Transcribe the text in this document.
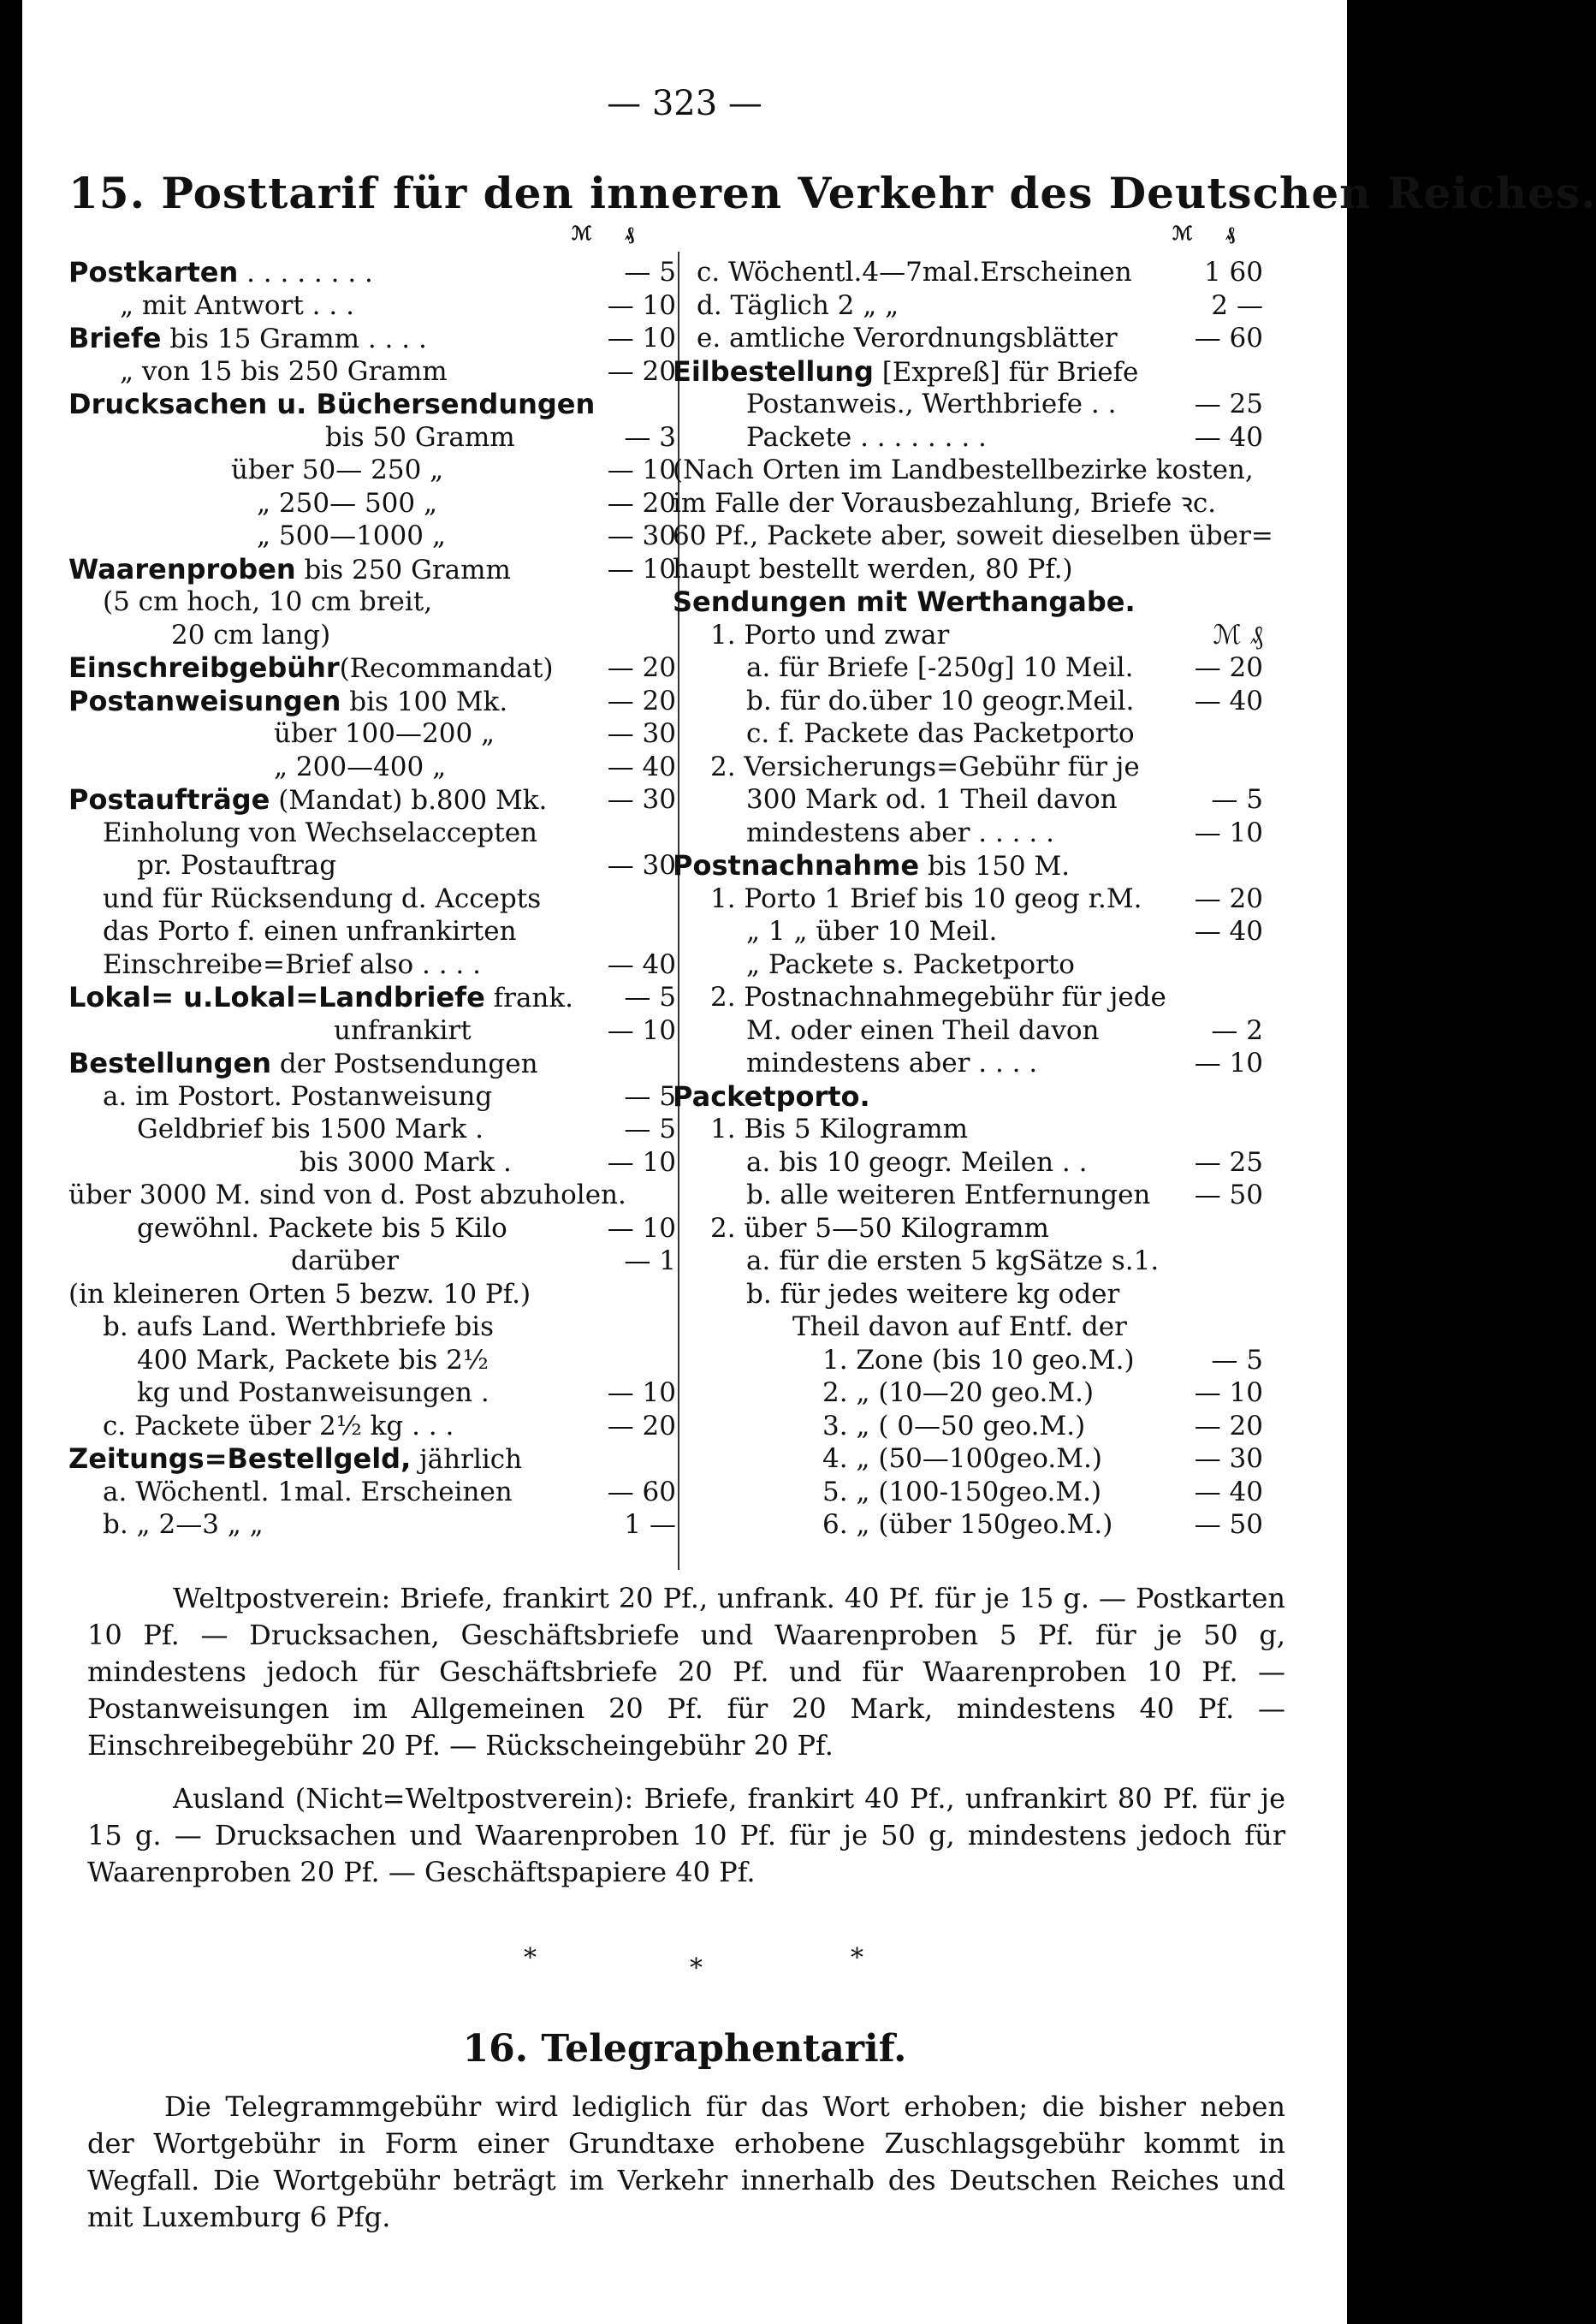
— 323 —
15. Posttarif für den inneren Verkehr des Deutschen Reiches.
ℳ ₰	ℳ ₰
Postkarten . . . . . . . .	— 5
„ mit Antwort . . .	— 10
Briefe bis 15 Gramm . . . .	— 10
„ von 15 bis 250 Gramm	— 20
Drucksachen u. Büchersendungen
bis 50 Gramm	— 3
über 50— 250 „	— 10
„ 250— 500 „	— 20
„ 500—1000 „	— 30
Waarenproben bis 250 Gramm	— 10
(5 cm hoch, 10 cm breit,
20 cm lang)
Einschreibgebühr(Recommandat) — 20
Postanweisungen bis 100 Mk.	— 20
über 100—200 „	— 30
„ 200—400 „	— 40
Postaufträge (Mandat) b.800 Mk. — 30
Einholung von Wechselaccepten
pr. Postauftrag	— 30
und für Rücksendung d. Accepts
das Porto f. einen unfrankirten
Einschreibe=Brief also . . . .	— 40
Lokal= u.Lokal=Landbriefe frank. — 5
unfrankirt	— 10
Bestellungen der Postsendungen
a. im Postort. Postanweisung	— 5
Geldbrief bis 1500 Mark .	— 5
bis 3000 Mark .	— 10
über 3000 M. sind von d. Post abzuholen.
gewöhnl. Packete bis 5 Kilo	— 10
darüber	— 1
(in kleineren Orten 5 bezw. 10 Pf.)
b. aufs Land. Werthbriefe bis
400 Mark, Packete bis 2½
kg und Postanweisungen .	— 10
c. Packete über 2½ kg . . .	— 20
Zeitungs=Bestellgeld, jährlich
a. Wöchentl. 1mal. Erscheinen	— 60
b. „ 2—3 „ „	1 —
c. Wöchentl.4—7mal.Erscheinen	1 60
d. Täglich 2 „ „	2 —
e. amtliche Verordnungsblätter	— 60
Eilbestellung [Expreß] für Briefe
Postanweis., Werthbriefe . .	— 25
Packete . . . . . . . .	— 40
(Nach Orten im Landbestellbezirke kosten,
im Falle der Vorausbezahlung, Briefe ꝛc.
60 Pf., Packete aber, soweit dieselben über=
haupt bestellt werden, 80 Pf.)
Sendungen mit Werthangabe.
1. Porto und zwar	ℳ ₰
a. für Briefe [-250g] 10 Meil. — 20
b. für do.über 10 geogr.Meil. — 40
c. f. Packete das Packetporto
2. Versicherungs=Gebühr für je
300 Mark od. 1 Theil davon	— 5
mindestens aber . . . . .	— 10
Postnachnahme bis 150 M.
1. Porto 1 Brief bis 10 geog r.M. — 20
„ 1 „ über 10 Meil.	— 40
„ Packete s. Packetporto
2. Postnachnahmegebühr für jede
M. oder einen Theil davon	— 2
mindestens aber . . . .	— 10
Packetporto.
1. Bis 5 Kilogramm
a. bis 10 geogr. Meilen . .	— 25
b. alle weiteren Entfernungen — 50
2. über 5—50 Kilogramm
a. für die ersten 5 kgSätze s.1.
b. für jedes weitere kg oder
Theil davon auf Entf. der
1. Zone (bis 10 geo.M.)	— 5
2. „ (10—20 geo.M.)	— 10
3. „ ( 0—50 geo.M.)	— 20
4. „ (50—100geo.M.)	— 30
5. „ (100-150geo.M.)	— 40
6. „ (über 150geo.M.)	— 50
Weltpostverein: Briefe, frankirt 20 Pf., unfrank. 40 Pf. für je 15 g. — Postkarten 10 Pf. — Drucksachen, Geschäftsbriefe und Waarenproben 5 Pf. für je 50 g, mindestens jedoch für Geschäftsbriefe 20 Pf. und für Waarenproben 10 Pf. — Postanweisungen im Allgemeinen 20 Pf. für 20 Mark, mindestens 40 Pf. — Einschreibegebühr 20 Pf. — Rückscheingebühr 20 Pf.
Ausland (Nicht=Weltpostverein): Briefe, frankirt 40 Pf., unfrankirt 80 Pf. für je 15 g. — Drucksachen und Waarenproben 10 Pf. für je 50 g, mindestens jedoch für Waarenproben 20 Pf. — Geschäftspapiere 40 Pf.
*	*	*
16. Telegraphentarif.
Die Telegrammgebühr wird lediglich für das Wort erhoben; die bisher neben der Wortgebühr in Form einer Grundtaxe erhobene Zuschlagsgebühr kommt in Wegfall. Die Wortgebühr beträgt im Verkehr innerhalb des Deutschen Reiches und mit Luxemburg 6 Pfg.
